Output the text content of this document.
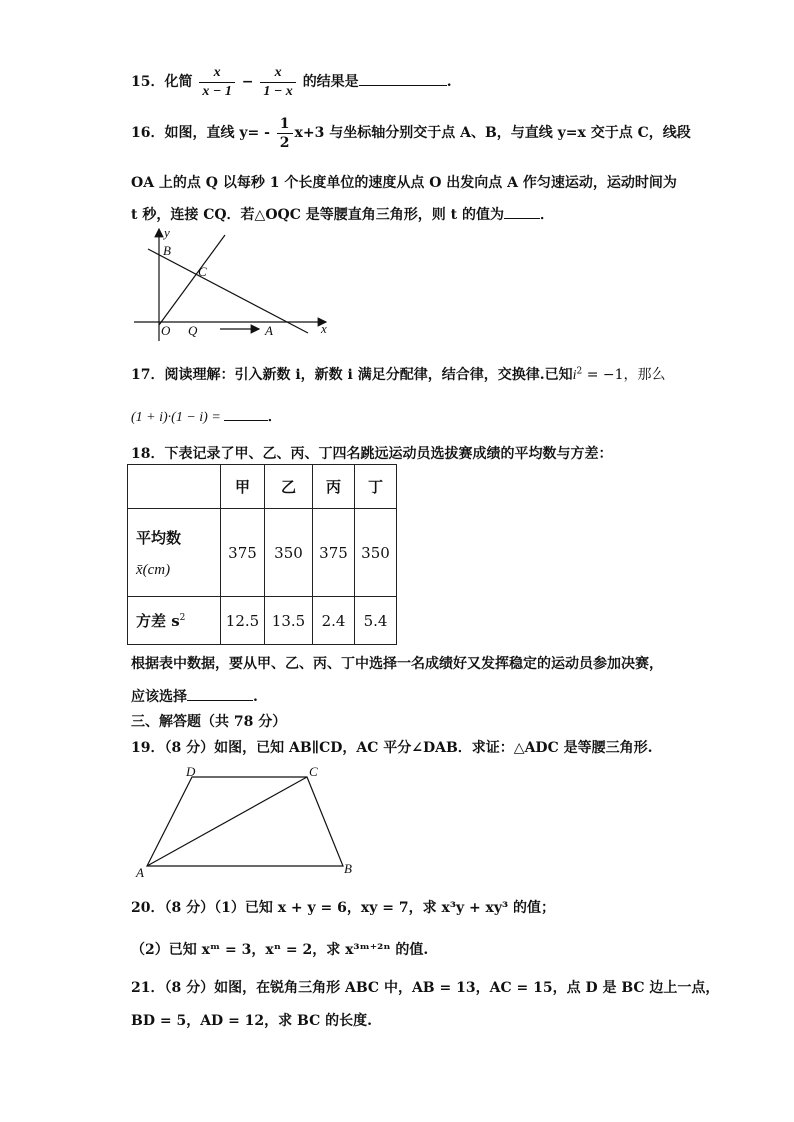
15．化简 $\frac{x}{x - 1} - \frac{x}{1 - x}$ 的结果是	.
16．如图，直线 $y= - \frac{1}{2} x+3$ 与坐标轴分别交于点 A、B，与直线 y=x 交于点 C，线段
OA 上的点 Q 以每秒 1 个长度单位的速度从点 O 出发向点 A 作匀速运动，运动时间为
t 秒，连接 CQ．若△OQC 是等腰直角三角形，则 t 的值为	．
y
B
C
O Q	A	x
17．阅读理解：引入新数 i，新数 i 满足分配律，结合律，交换律.已知$i^2 = -1$，那么
(1 + i)·(1 − i) =	．
18．下表记录了甲、乙、丙、丁四名跳远运动员选拔赛成绩的平均数与方差：
	甲	乙	丙	丁

平均数
x̄(cm)	375	350	375	350
方差 $s^2$	12.5	13.5	2.4	5.4
根据表中数据，要从甲、乙、丙、丁中选择一名成绩好又发挥稳定的运动员参加决赛，
应该选择	.
三、解答题（共 78 分）
19．（8 分）如图，已知 AB∥CD，AC 平分∠DAB．求证：△ADC 是等腰三角形.
D	C
A	B
20．（8 分）（1）已知 x + y = 6，xy = 7，求 x³y + xy³ 的值；
（2）已知 xᵐ = 3，xⁿ = 2，求 x³ᵐ⁺²ⁿ 的值.
21．（8 分）如图，在锐角三角形 ABC 中，AB = 13，AC = 15，点 D 是 BC 边上一点，
BD = 5，AD = 12，求 BC 的长度.
